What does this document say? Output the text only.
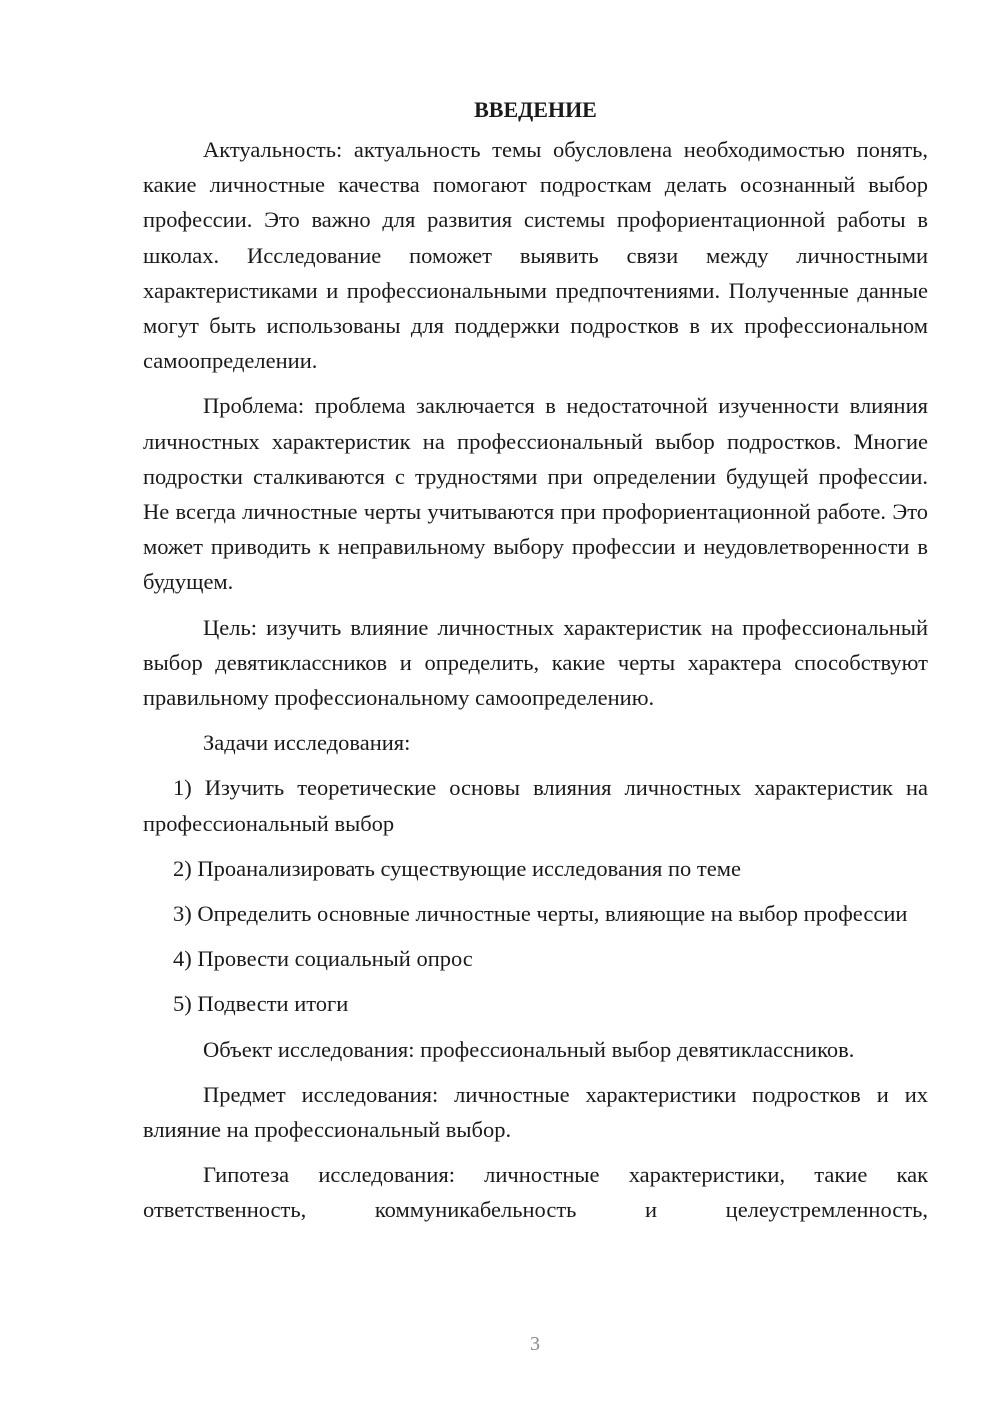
ВВЕДЕНИЕ

Актуальность: актуальность темы обусловлена необходимостью понять, какие личностные качества помогают подросткам делать осознанный выбор профессии. Это важно для развития системы профориентационной работы в школах. Исследование поможет выявить связи между личностными характеристиками и профессиональными предпочтениями. Полученные данные могут быть использованы для поддержки подростков в их профессиональном самоопределении.

Проблема: проблема заключается в недостаточной изученности влияния личностных характеристик на профессиональный выбор подростков. Многие подростки сталкиваются с трудностями при определении будущей профессии. Не всегда личностные черты учитываются при профориентационной работе. Это может приводить к неправильному выбору профессии и неудовлетворенности в будущем.

Цель: изучить влияние личностных характеристик на профессиональный выбор девятиклассников и определить, какие черты характера способствуют правильному профессиональному самоопределению.

Задачи исследования:

1) Изучить теоретические основы влияния личностных характеристик на профессиональный выбор

2) Проанализировать существующие исследования по теме

3) Определить основные личностные черты, влияющие на выбор профессии

4) Провести социальный опрос

5) Подвести итоги

Объект исследования: профессиональный выбор девятиклассников.

Предмет исследования: личностные характеристики подростков и их влияние на профессиональный выбор.

Гипотеза исследования: личностные характеристики, такие как ответственность, коммуникабельность и целеустремленность,

3
